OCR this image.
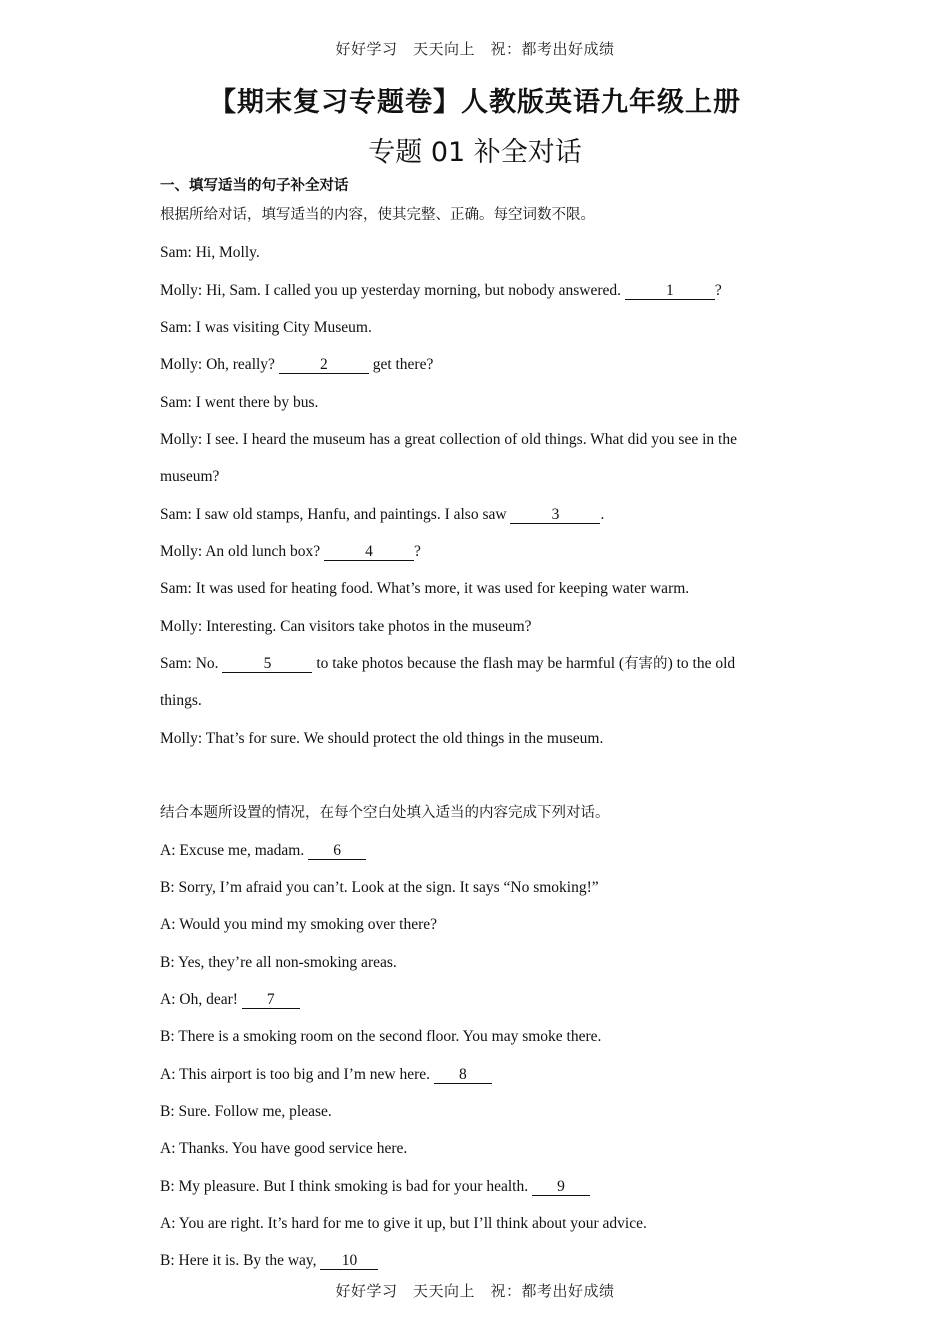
好好学习　天天向上　祝：都考出好成绩
【期末复习专题卷】人教版英语九年级上册
专题 01 补全对话
一、填写适当的句子补全对话
根据所给对话，填写适当的内容，使其完整、正确。每空词数不限。
Sam: Hi, Molly.
Molly: Hi, Sam. I called you up yesterday morning, but nobody answered.	1	?
Sam: I was visiting City Museum.
Molly: Oh, really?	2	get there?
Sam: I went there by bus.
Molly: I see. I heard the museum has a great collection of old things. What did you see in the
museum?
Sam: I saw old stamps, Hanfu, and paintings. I also saw	3	.
Molly: An old lunch box?	4	?
Sam: It was used for heating food. What’s more, it was used for keeping water warm.
Molly: Interesting. Can visitors take photos in the museum?
Sam: No.	5	to take photos because the flash may be harmful (有害的) to the old
things.
Molly: That’s for sure. We should protect the old things in the museum.
结合本题所设置的情况，在每个空白处填入适当的内容完成下列对话。
A: Excuse me, madam. 6
B: Sorry, I’m afraid you can’t. Look at the sign. It says “No smoking!”
A: Would you mind my smoking over there?
B: Yes, they’re all non-smoking areas.
A: Oh, dear! 7
B: There is a smoking room on the second floor. You may smoke there.
A: This airport is too big and I’m new here. 8
B: Sure. Follow me, please.
A: Thanks. You have good service here.
B: My pleasure. But I think smoking is bad for your health. 9
A: You are right. It’s hard for me to give it up, but I’ll think about your advice.
B: Here it is. By the way, 10
好好学习　天天向上　祝：都考出好成绩
